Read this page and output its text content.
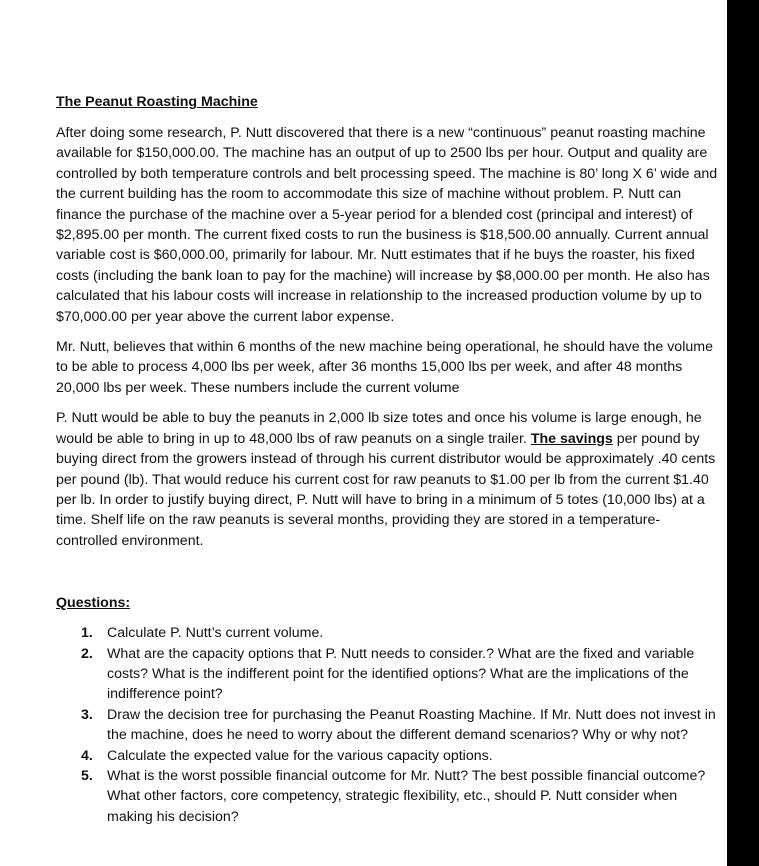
The Peanut Roasting Machine

After doing some research, P. Nutt discovered that there is a new “continuous” peanut roasting machine available for $150,000.00. The machine has an output of up to 2500 lbs per hour. Output and quality are controlled by both temperature controls and belt processing speed. The machine is 80’ long X 6’ wide and the current building has the room to accommodate this size of machine without problem. P. Nutt can finance the purchase of the machine over a 5-year period for a blended cost (principal and interest) of $2,895.00 per month. The current fixed costs to run the business is $18,500.00 annually. Current annual variable cost is $60,000.00, primarily for labour. Mr. Nutt estimates that if he buys the roaster, his fixed costs (including the bank loan to pay for the machine) will increase by $8,000.00 per month. He also has calculated that his labour costs will increase in relationship to the increased production volume by up to $70,000.00 per year above the current labor expense.

Mr. Nutt, believes that within 6 months of the new machine being operational, he should have the volume to be able to process 4,000 lbs per week, after 36 months 15,000 lbs per week, and after 48 months 20,000 lbs per week. These numbers include the current volume

P. Nutt would be able to buy the peanuts in 2,000 lb size totes and once his volume is large enough, he would be able to bring in up to 48,000 lbs of raw peanuts on a single trailer. The savings per pound by buying direct from the growers instead of through his current distributor would be approximately .40 cents per pound (lb). That would reduce his current cost for raw peanuts to $1.00 per lb from the current $1.40 per lb. In order to justify buying direct, P. Nutt will have to bring in a minimum of 5 totes (10,000 lbs) at a time. Shelf life on the raw peanuts is several months, providing they are stored in a temperature-controlled environment.

Questions:
1. Calculate P. Nutt’s current volume.
2. What are the capacity options that P. Nutt needs to consider.? What are the fixed and variable costs? What is the indifferent point for the identified options? What are the implications of the indifference point?
3. Draw the decision tree for purchasing the Peanut Roasting Machine. If Mr. Nutt does not invest in the machine, does he need to worry about the different demand scenarios? Why or why not?
4. Calculate the expected value for the various capacity options.
5. What is the worst possible financial outcome for Mr. Nutt? The best possible financial outcome? What other factors, core competency, strategic flexibility, etc., should P. Nutt consider when making his decision?
